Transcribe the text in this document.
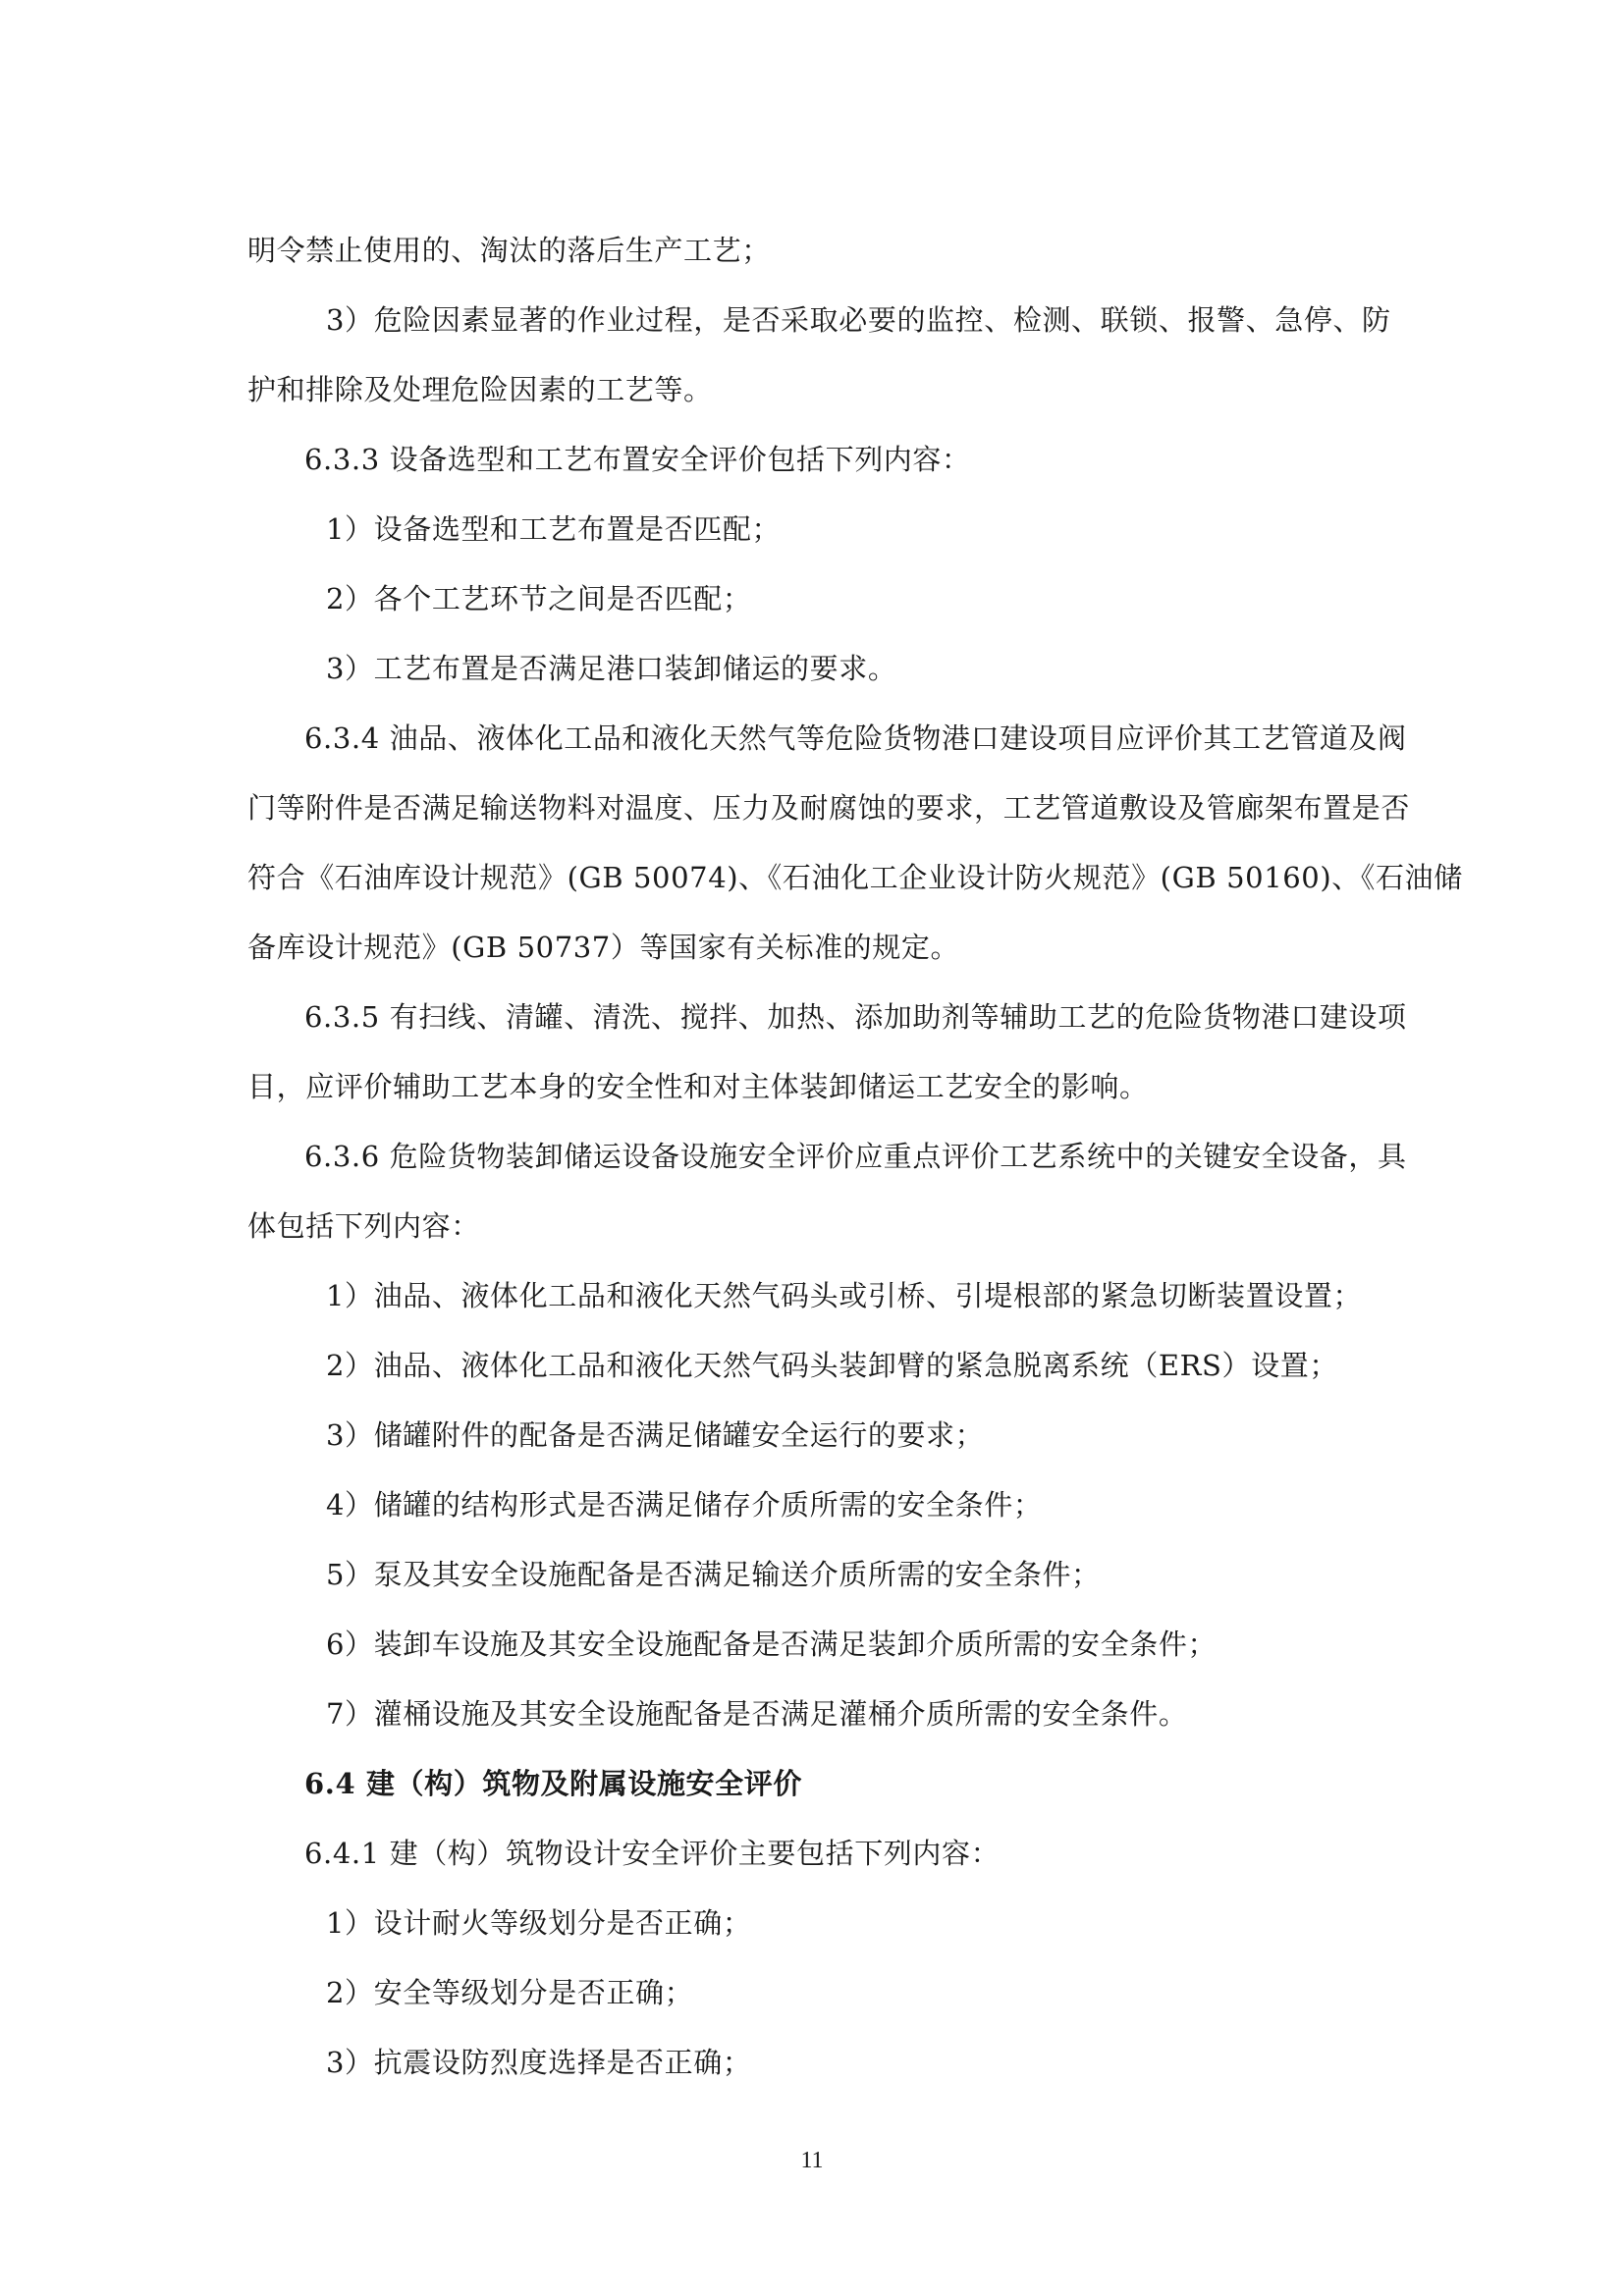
明令禁止使用的、淘汰的落后生产工艺；
3）危险因素显著的作业过程，是否采取必要的监控、检测、联锁、报警、急停、防
护和排除及处理危险因素的工艺等。
6.3.3 设备选型和工艺布置安全评价包括下列内容：
1）设备选型和工艺布置是否匹配；
2）各个工艺环节之间是否匹配；
3）工艺布置是否满足港口装卸储运的要求。
6.3.4 油品、液体化工品和液化天然气等危险货物港口建设项目应评价其工艺管道及阀
门等附件是否满足输送物料对温度、压力及耐腐蚀的要求，工艺管道敷设及管廊架布置是否
符合《石油库设计规范》(GB 50074)、《石油化工企业设计防火规范》(GB 50160)、《石油储
备库设计规范》(GB 50737）等国家有关标准的规定。
6.3.5 有扫线、清罐、清洗、搅拌、加热、添加助剂等辅助工艺的危险货物港口建设项
目，应评价辅助工艺本身的安全性和对主体装卸储运工艺安全的影响。
6.3.6 危险货物装卸储运设备设施安全评价应重点评价工艺系统中的关键安全设备，具
体包括下列内容：
1）油品、液体化工品和液化天然气码头或引桥、引堤根部的紧急切断装置设置；
2）油品、液体化工品和液化天然气码头装卸臂的紧急脱离系统（ERS）设置；
3）储罐附件的配备是否满足储罐安全运行的要求；
4）储罐的结构形式是否满足储存介质所需的安全条件；
5）泵及其安全设施配备是否满足输送介质所需的安全条件；
6）装卸车设施及其安全设施配备是否满足装卸介质所需的安全条件；
7）灌桶设施及其安全设施配备是否满足灌桶介质所需的安全条件。
6.4 建（构）筑物及附属设施安全评价
6.4.1 建（构）筑物设计安全评价主要包括下列内容：
1）设计耐火等级划分是否正确；
2）安全等级划分是否正确；
3）抗震设防烈度选择是否正确；
11
